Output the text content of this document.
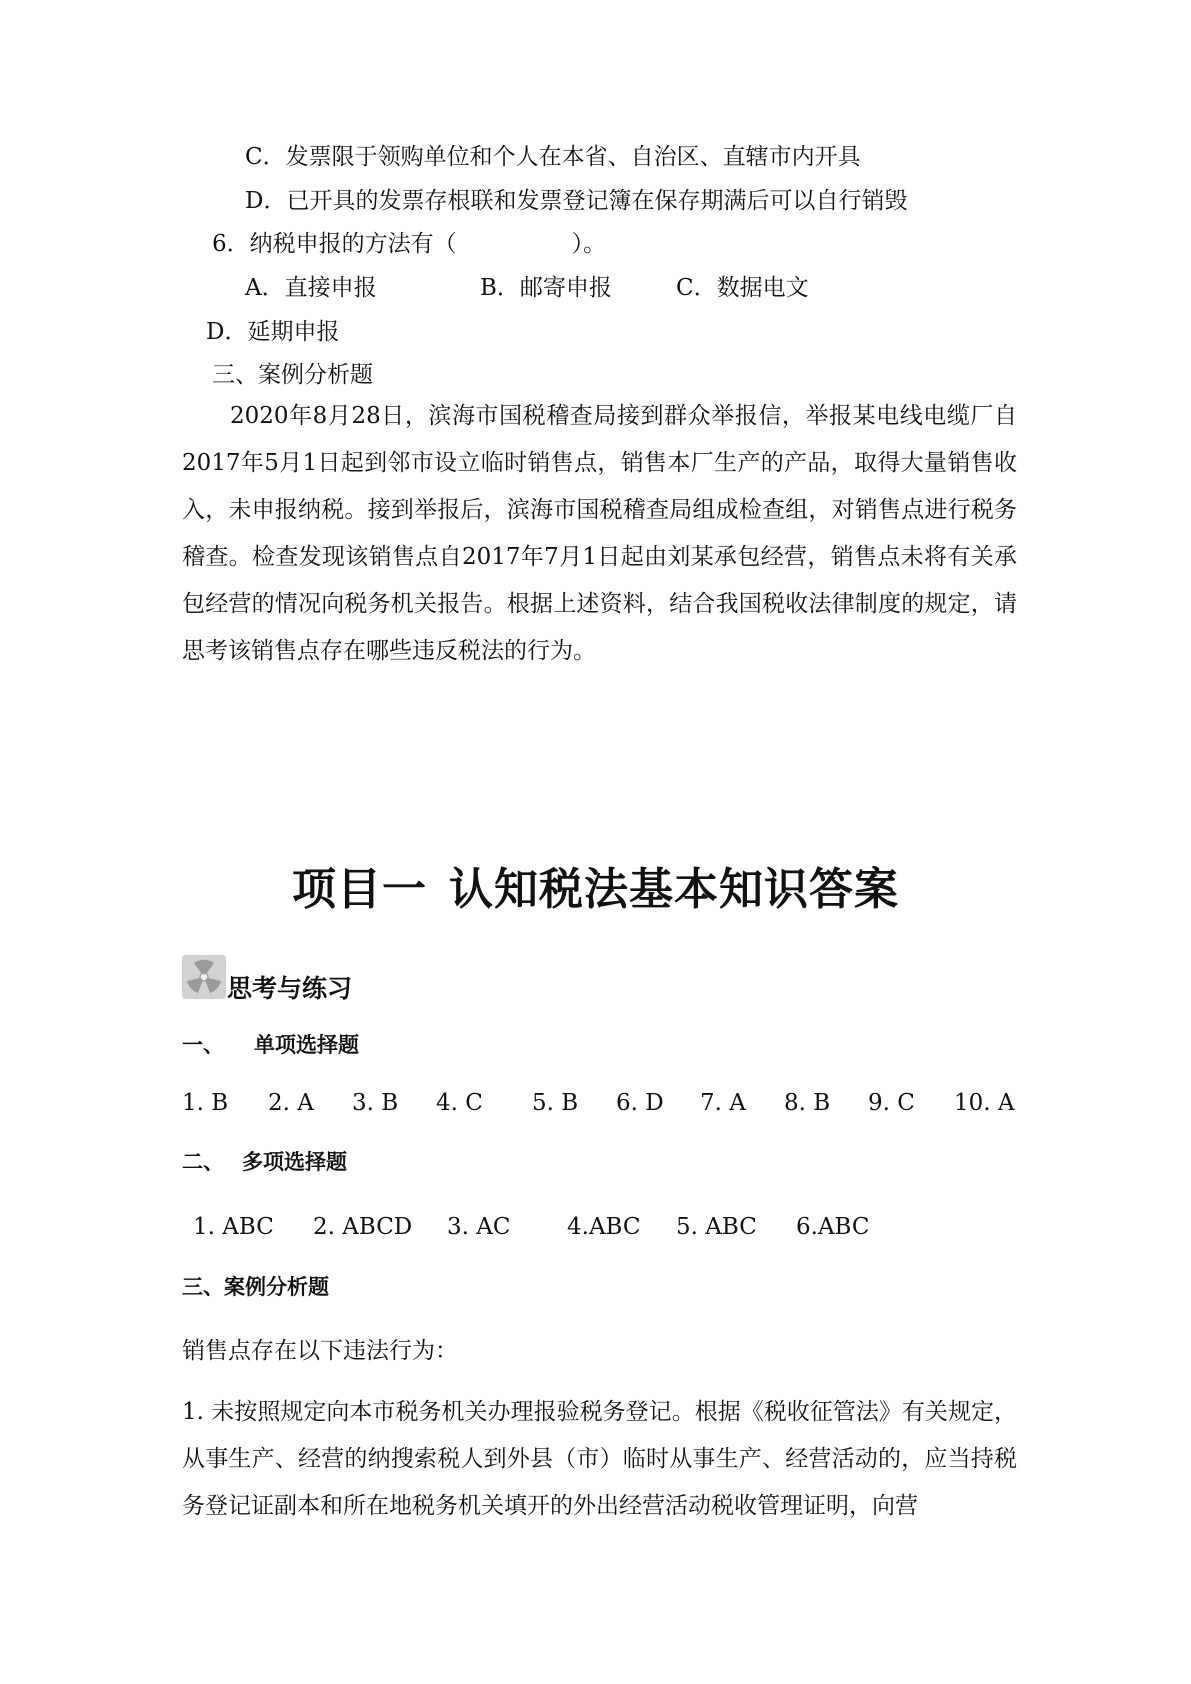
C．发票限于领购单位和个人在本省、自治区、直辖市内开具
D．已开具的发票存根联和发票登记簿在保存期满后可以自行销毁
6．纳税申报的方法有（　　　　　）。
A．直接申报	B．邮寄申报	C．数据电文
D．延期申报
三、案例分析题
2020年8月28日，滨海市国税稽查局接到群众举报信，举报某电线电缆厂自2017年5月1日起到邻市设立临时销售点，销售本厂生产的产品，取得大量销售收入，未申报纳税。接到举报后，滨海市国税稽查局组成检查组，对销售点进行税务稽查。检查发现该销售点自2017年7月1日起由刘某承包经营，销售点未将有关承包经营的情况向税务机关报告。根据上述资料，结合我国税收法律制度的规定，请思考该销售点存在哪些违反税法的行为。
项目一 认知税法基本知识答案
思考与练习
一、 单项选择题
1. B 2. A 3. B 4. C 5. B 6. D 7. A 8. B 9. C 10. A
二、 多项选择题
1. ABC 2. ABCD 3. AC 4.ABC 5. ABC 6.ABC
三、案例分析题
销售点存在以下违法行为：
1. 未按照规定向本市税务机关办理报验税务登记。根据《税收征管法》有关规定，从事生产、经营的纳搜索税人到外县（市）临时从事生产、经营活动的，应当持税务登记证副本和所在地税务机关填开的外出经营活动税收管理证明，向营
